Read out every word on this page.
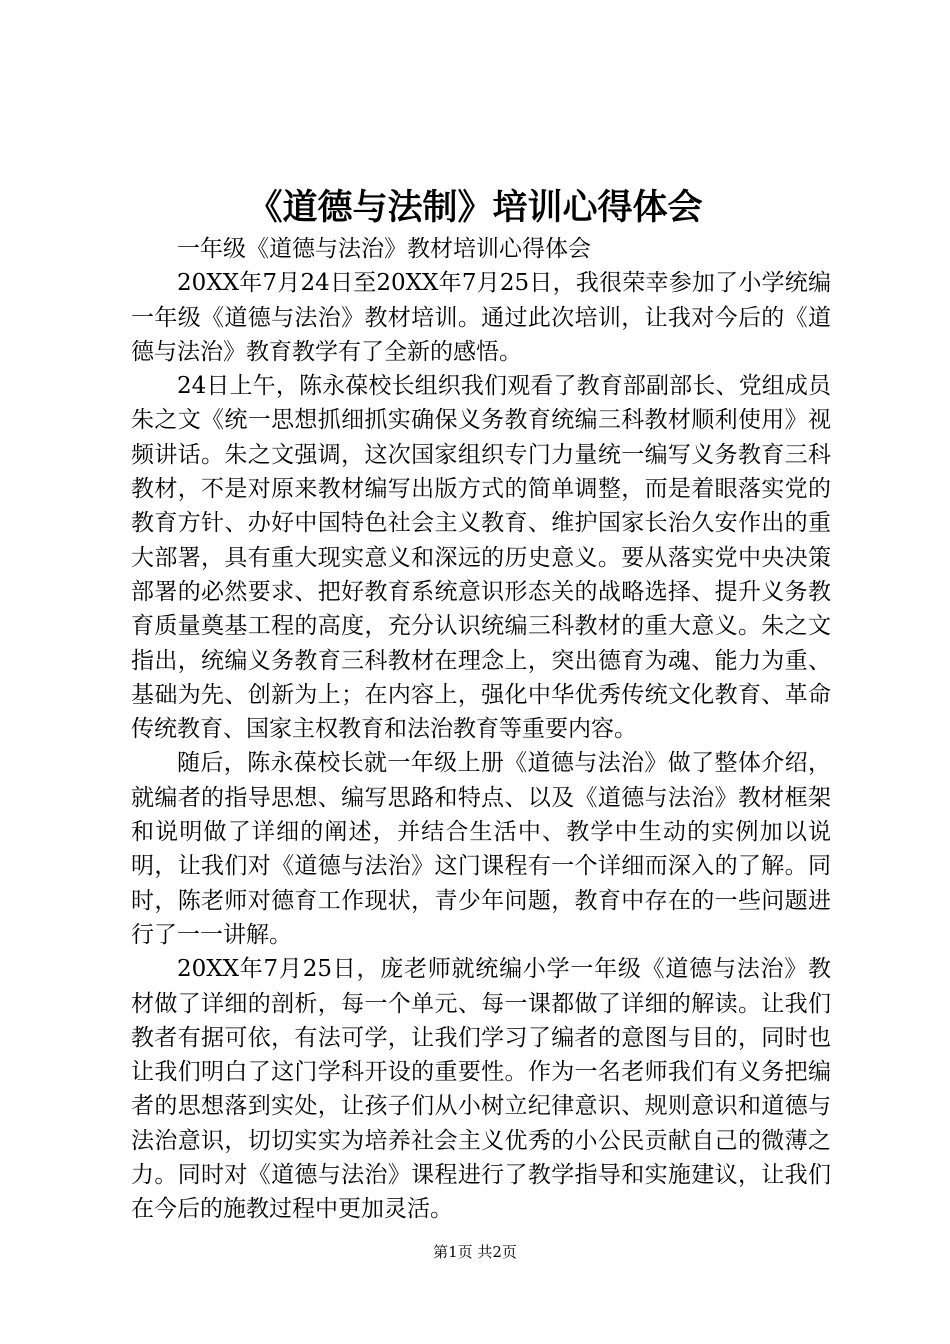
《道德与法制》培训心得体会

一年级《道德与法治》教材培训心得体会

20XX年7月24日至20XX年7月25日，我很荣幸参加了小学统编一年级《道德与法治》教材培训。通过此次培训，让我对今后的《道德与法治》教育教学有了全新的感悟。

24日上午，陈永葆校长组织我们观看了教育部副部长、党组成员朱之文《统一思想抓细抓实确保义务教育统编三科教材顺利使用》视频讲话。朱之文强调，这次国家组织专门力量统一编写义务教育三科教材，不是对原来教材编写出版方式的简单调整，而是着眼落实党的教育方针、办好中国特色社会主义教育、维护国家长治久安作出的重大部署，具有重大现实意义和深远的历史意义。要从落实党中央决策部署的必然要求、把好教育系统意识形态关的战略选择、提升义务教育质量奠基工程的高度，充分认识统编三科教材的重大意义。朱之文指出，统编义务教育三科教材在理念上，突出德育为魂、能力为重、基础为先、创新为上；在内容上，强化中华优秀传统文化教育、革命传统教育、国家主权教育和法治教育等重要内容。

随后，陈永葆校长就一年级上册《道德与法治》做了整体介绍，就编者的指导思想、编写思路和特点、以及《道德与法治》教材框架和说明做了详细的阐述，并结合生活中、教学中生动的实例加以说明，让我们对《道德与法治》这门课程有一个详细而深入的了解。同时，陈老师对德育工作现状，青少年问题，教育中存在的一些问题进行了一一讲解。

20XX年7月25日，庞老师就统编小学一年级《道德与法治》教材做了详细的剖析，每一个单元、每一课都做了详细的解读。让我们教者有据可依，有法可学，让我们学习了编者的意图与目的，同时也让我们明白了这门学科开设的重要性。作为一名老师我们有义务把编者的思想落到实处，让孩子们从小树立纪律意识、规则意识和道德与法治意识，切切实实为培养社会主义优秀的小公民贡献自己的微薄之力。同时对《道德与法治》课程进行了教学指导和实施建议，让我们在今后的施教过程中更加灵活。

第1页 共2页
